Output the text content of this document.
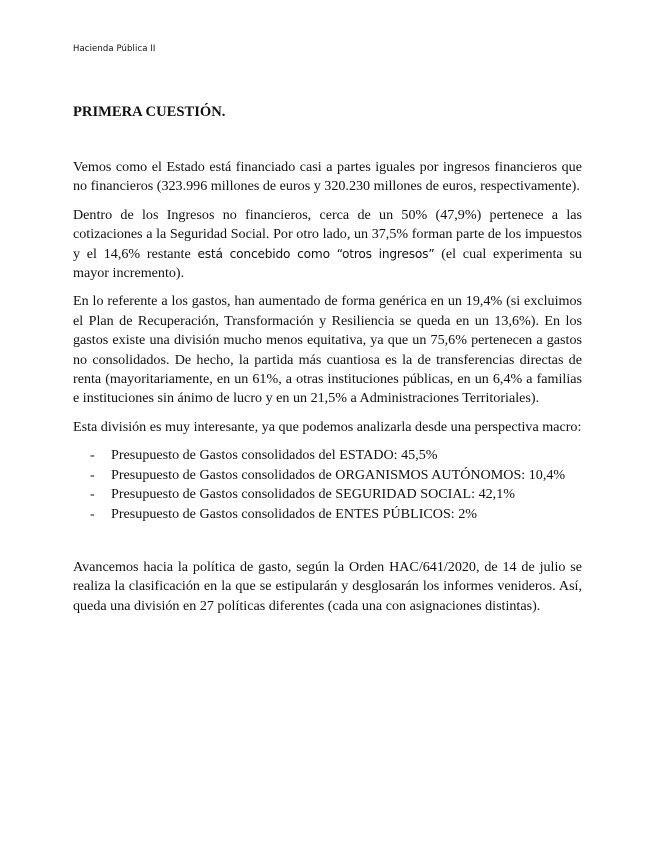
Hacienda Pública II
PRIMERA CUESTIÓN.

Vemos como el Estado está financiado casi a partes iguales por ingresos financieros que no financieros (323.996 millones de euros y 320.230 millones de euros, respectivamente).

Dentro de los Ingresos no financieros, cerca de un 50% (47,9%) pertenece a las cotizaciones a la Seguridad Social. Por otro lado, un 37,5% forman parte de los impuestos y el 14,6% restante está concebido como “otros ingresos” (el cual experimenta su mayor incremento).

En lo referente a los gastos, han aumentado de forma genérica en un 19,4% (si excluimos el Plan de Recuperación, Transformación y Resiliencia se queda en un 13,6%). En los gastos existe una división mucho menos equitativa, ya que un 75,6% pertenecen a gastos no consolidados. De hecho, la partida más cuantiosa es la de transferencias directas de renta (mayoritariamente, en un 61%, a otras instituciones públicas, en un 6,4% a familias e instituciones sin ánimo de lucro y en un 21,5% a Administraciones Territoriales).

Esta división es muy interesante, ya que podemos analizarla desde una perspectiva macro:

- Presupuesto de Gastos consolidados del ESTADO: 45,5%
- Presupuesto de Gastos consolidados de ORGANISMOS AUTÓNOMOS: 10,4%
- Presupuesto de Gastos consolidados de SEGURIDAD SOCIAL: 42,1%
- Presupuesto de Gastos consolidados de ENTES PÚBLICOS: 2%

Avancemos hacia la política de gasto, según la Orden HAC/641/2020, de 14 de julio se realiza la clasificación en la que se estipularán y desglosarán los informes venideros. Así, queda una división en 27 políticas diferentes (cada una con asignaciones distintas).
